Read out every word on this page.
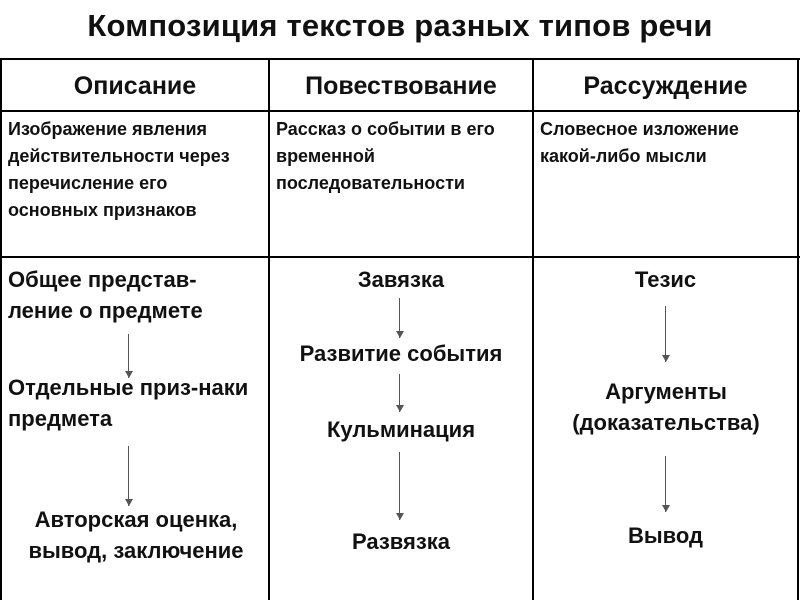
Композиция текстов разных типов речи
Описание	Повествование	Рассуждение
Изображение явления действительности через перечисление его основных признаков
Рассказ о событии в его временной последовательности
Словесное изложение какой-либо мысли
Общее представ-ление о предмете
Отдельные приз-наки предмета
Авторская оценка, вывод, заключение
Завязка
Развитие события
Кульминация
Развязка
Тезис
Аргументы (доказательства)
Вывод
